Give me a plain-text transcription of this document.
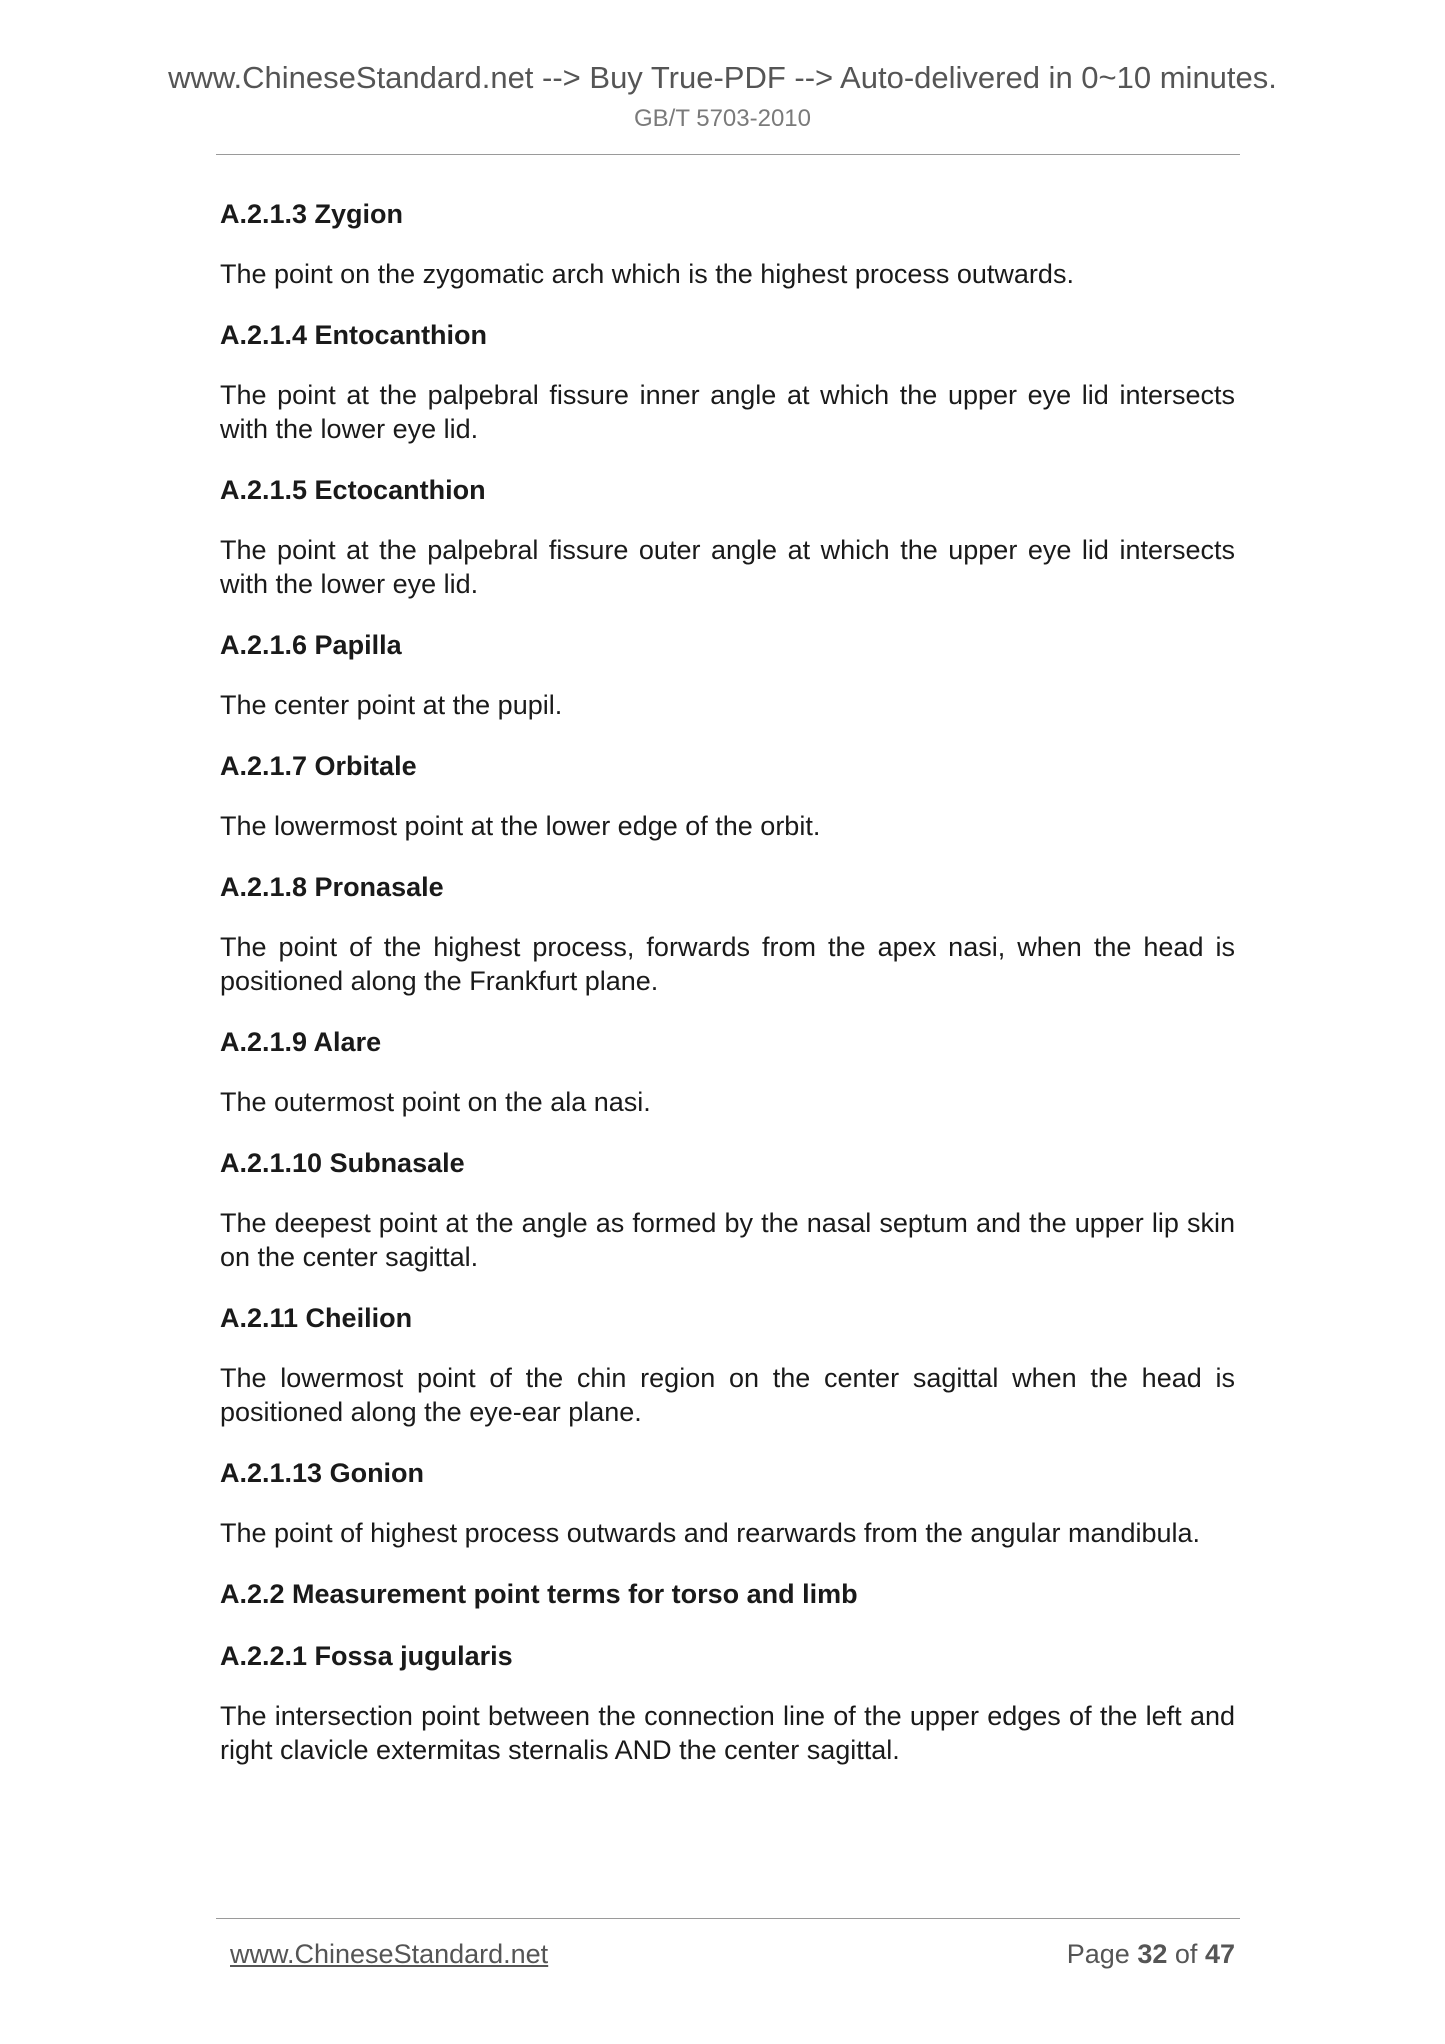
www.ChineseStandard.net --> Buy True-PDF --> Auto-delivered in 0~10 minutes.
GB/T 5703-2010
A.2.1.3 Zygion
The point on the zygomatic arch which is the highest process outwards.
A.2.1.4 Entocanthion
The point at the palpebral fissure inner angle at which the upper eye lid intersects with the lower eye lid.
A.2.1.5 Ectocanthion
The point at the palpebral fissure outer angle at which the upper eye lid intersects with the lower eye lid.
A.2.1.6 Papilla
The center point at the pupil.
A.2.1.7 Orbitale
The lowermost point at the lower edge of the orbit.
A.2.1.8 Pronasale
The point of the highest process, forwards from the apex nasi, when the head is positioned along the Frankfurt plane.
A.2.1.9 Alare
The outermost point on the ala nasi.
A.2.1.10 Subnasale
The deepest point at the angle as formed by the nasal septum and the upper lip skin on the center sagittal.
A.2.11 Cheilion
The lowermost point of the chin region on the center sagittal when the head is positioned along the eye-ear plane.
A.2.1.13 Gonion
The point of highest process outwards and rearwards from the angular mandibula.
A.2.2 Measurement point terms for torso and limb
A.2.2.1 Fossa jugularis
The intersection point between the connection line of the upper edges of the left and right clavicle extermitas sternalis AND the center sagittal.
www.ChineseStandard.net	Page 32 of 47
